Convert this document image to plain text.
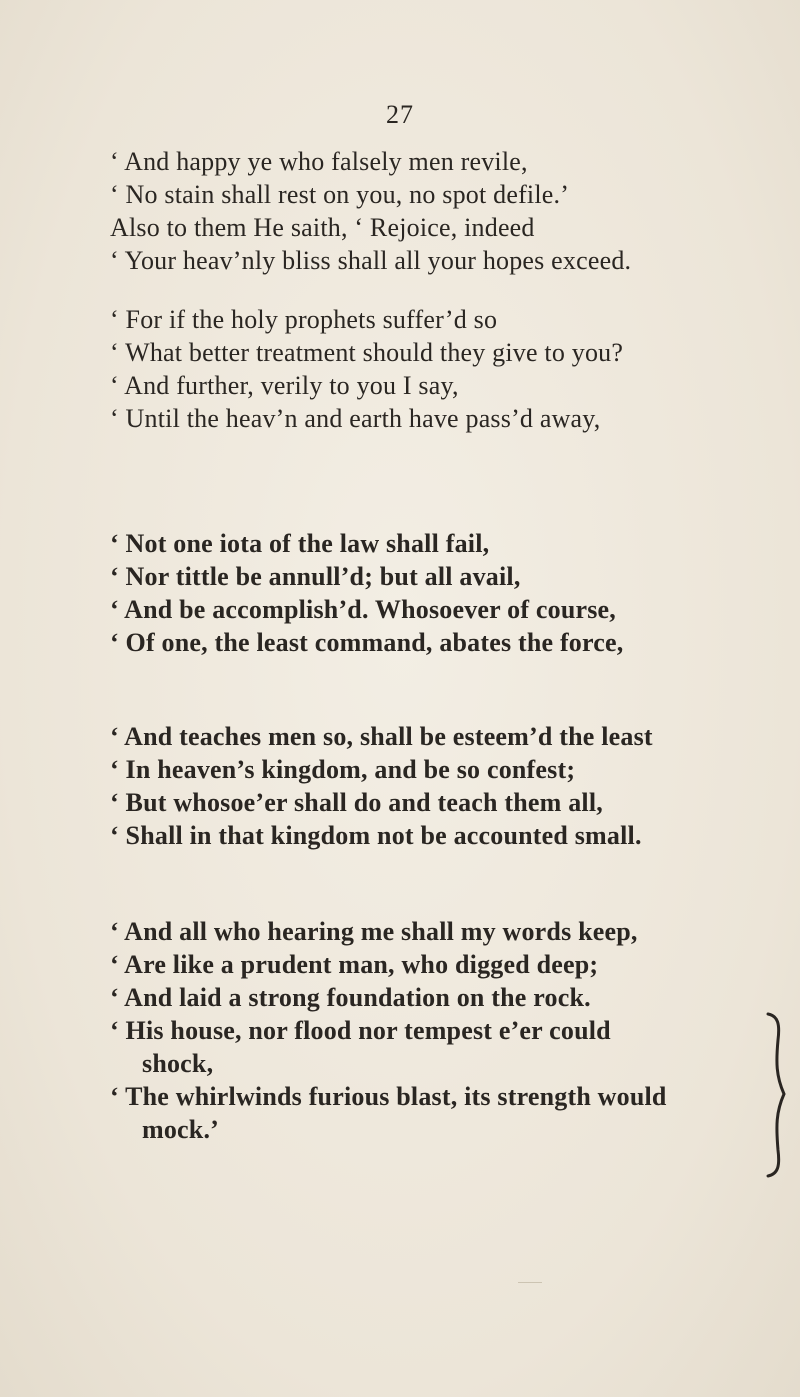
27
‘ And happy ye who falsely men revile,
‘ No stain shall rest on you, no spot defile.’
Also to them He saith, ‘ Rejoice, indeed
‘ Your heav’nly bliss shall all your hopes exceed.
‘ For if the holy prophets suffer’d so
‘ What better treatment should they give to you?
‘ And further, verily to you I say,
‘ Until the heav’n and earth have pass’d away,
‘ Not one iota of the law shall fail,
‘ Nor tittle be annull’d; but all avail,
‘ And be accomplish’d. Whosoever of course,
‘ Of one, the least command, abates the force,
‘ And teaches men so, shall be esteem’d the least
‘ In heaven’s kingdom, and be so confest;
‘ But whosoe’er shall do and teach them all,
‘ Shall in that kingdom not be accounted small.
‘ And all who hearing me shall my words keep,
‘ Are like a prudent man, who digged deep;
‘ And laid a strong foundation on the rock.
‘ His house, nor flood nor tempest e’er could
shock,
‘ The whirlwinds furious blast, its strength would
mock.’
